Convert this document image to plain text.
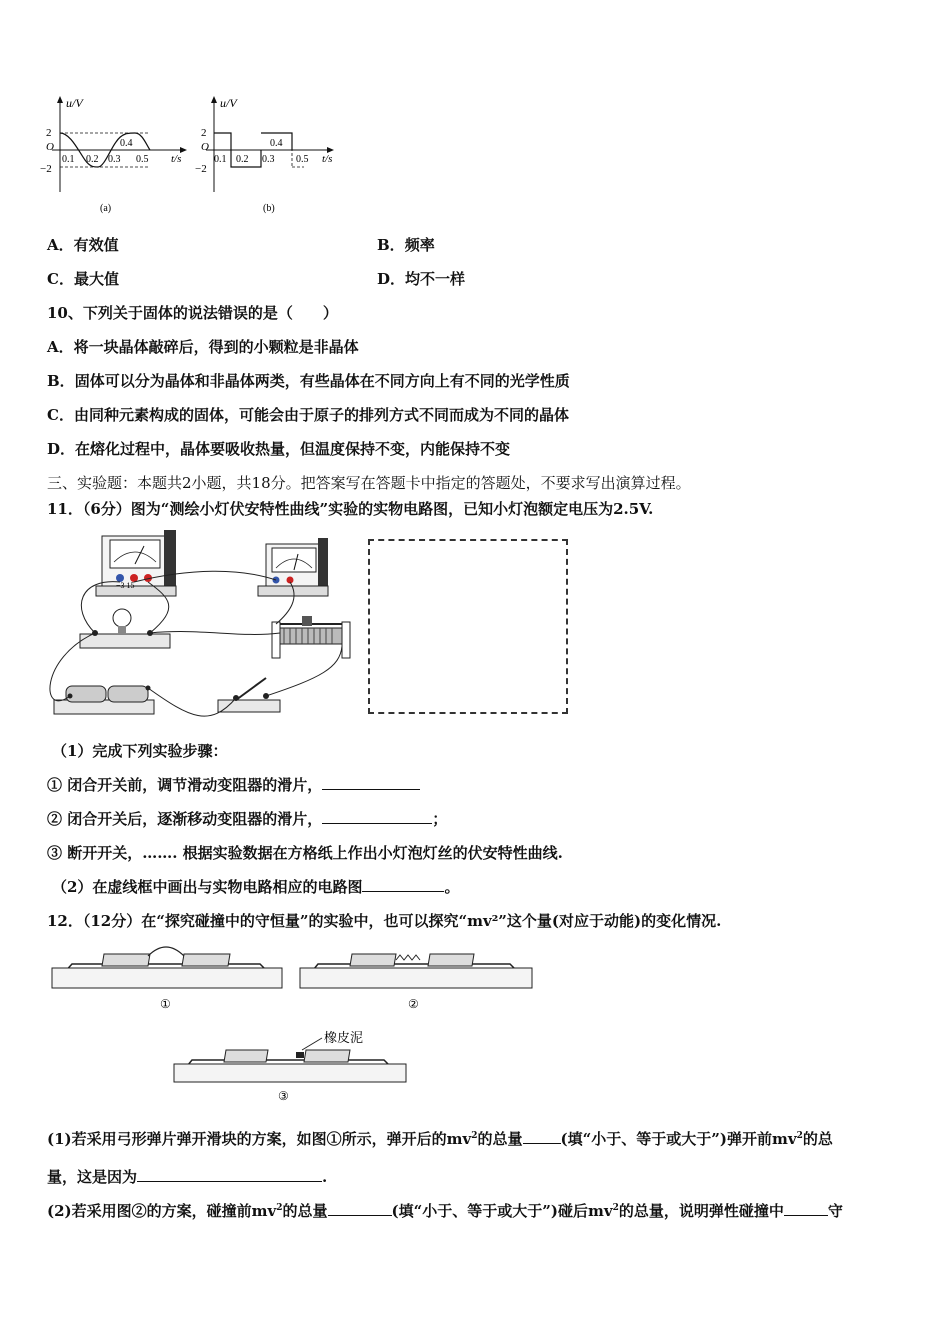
u/V
2
O
−2
0.1 0.2 0.3
0.4
0.5 t/s
(a)
u/V
2
O
−2
0.1 0.2 0.3
0.4
0.5 t/s
(b)
A．有效值	B．频率
C．最大值	D．均不一样
10、下列关于固体的说法错误的是（　　）
A．将一块晶体敲碎后，得到的小颗粒是非晶体
B．固体可以分为晶体和非晶体两类，有些晶体在不同方向上有不同的光学性质
C．由同种元素构成的固体，可能会由于原子的排列方式不同而成为不同的晶体
D．在熔化过程中，晶体要吸收热量，但温度保持不变，内能保持不变
三、实验题：本题共2小题，共18分。把答案写在答题卡中指定的答题处，不要求写出演算过程。
11．（6分）图为“测绘小灯伏安特性曲线”实验的实物电路图，已知小灯泡额定电压为2.5V.
−3 15
（1）完成下列实验步骤：
① 闭合开关前，调节滑动变阻器的滑片，
② 闭合开关后，逐渐移动变阻器的滑片，	；
③ 断开开关，……. 根据实验数据在方格纸上作出小灯泡灯丝的伏安特性曲线.
（2）在虚线框中画出与实物电路相应的电路图	。
12．（12分）在“探究碰撞中的守恒量”的实验中，也可以探究“mv²”这个量(对应于动能)的变化情况.
①	②
橡皮泥
③
(1)若采用弓形弹片弹开滑块的方案，如图①所示，弹开后的$mv^2$的总量	(填“小于、等于或大于”)弹开前$mv^2$的总
量，这是因为	.
(2)若采用图②的方案，碰撞前$mv^2$的总量	(填“小于、等于或大于”)碰后$mv^2$的总量，说明弹性碰撞中	守
